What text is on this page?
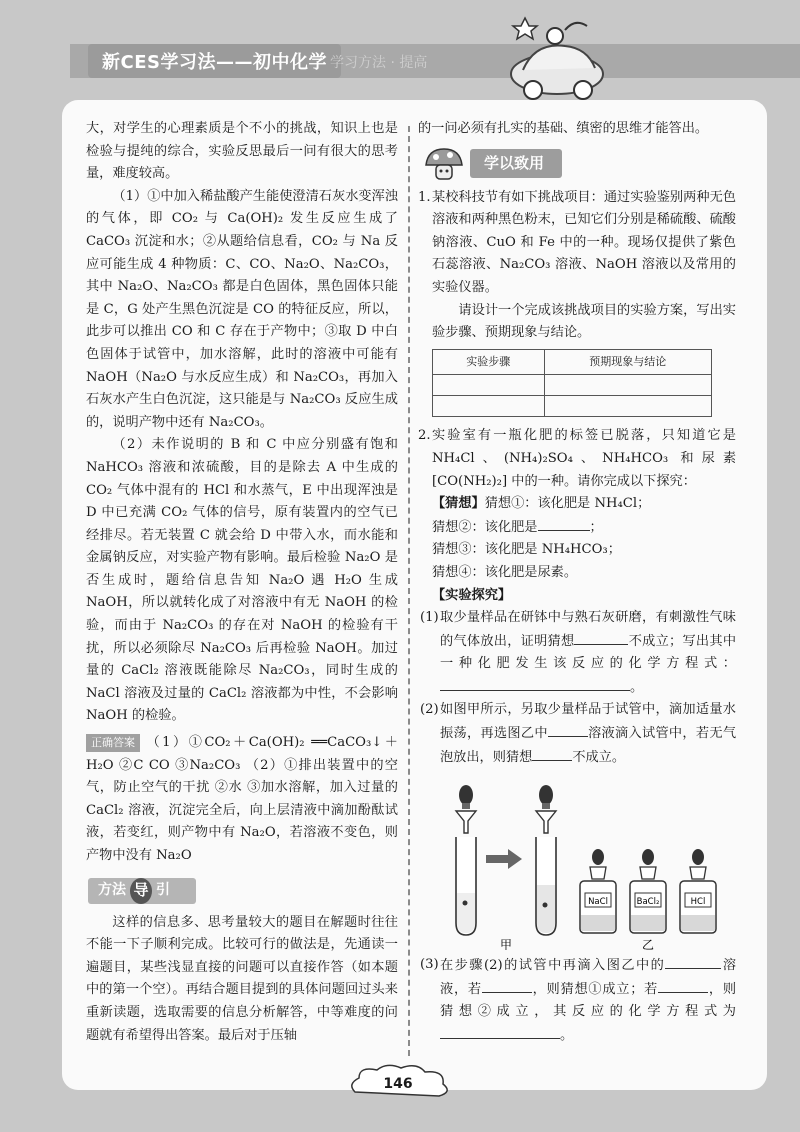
新CES学习法——初中化学 学习方法 · 提高

大，对学生的心理素质是个不小的挑战，知识上也是检验与提纯的综合，实验反思最后一问有很大的思考量，难度较高。

（1）①中加入稀盐酸产生能使澄清石灰水变浑浊的气体，即 CO₂ 与 Ca(OH)₂ 发生反应生成了 CaCO₃ 沉淀和水；②从题给信息看，CO₂ 与 Na 反应可能生成 4 种物质：C、CO、Na₂O、Na₂CO₃，其中 Na₂O、Na₂CO₃ 都是白色固体，黑色固体只能是 C，G 处产生黑色沉淀是 CO 的特征反应，所以，此步可以推出 CO 和 C 存在于产物中；③取 D 中白色固体于试管中，加水溶解，此时的溶液中可能有 NaOH（Na₂O 与水反应生成）和 Na₂CO₃，再加入石灰水产生白色沉淀，这只能是与 Na₂CO₃ 反应生成的，说明产物中还有 Na₂CO₃。

（2）未作说明的 B 和 C 中应分别盛有饱和 NaHCO₃ 溶液和浓硫酸，目的是除去 A 中生成的 CO₂ 气体中混有的 HCl 和水蒸气，E 中出现浑浊是 D 中已充满 CO₂ 气体的信号，原有装置内的空气已经排尽。若无装置 C 就会给 D 中带入水，而水能和金属钠反应，对实验产物有影响。最后检验 Na₂O 是否生成时，题给信息告知 Na₂O 遇 H₂O 生成 NaOH，所以就转化成了对溶液中有无 NaOH 的检验，而由于 Na₂CO₃ 的存在对 NaOH 的检验有干扰，所以必须除尽 Na₂CO₃ 后再检验 NaOH。加过量的 CaCl₂ 溶液既能除尽 Na₂CO₃，同时生成的 NaCl 溶液及过量的 CaCl₂ 溶液都为中性，不会影响 NaOH 的检验。

正确答案 （1）①CO₂＋Ca(OH)₂ ══CaCO₃↓＋H₂O ②C CO ③Na₂CO₃ （2）①排出装置中的空气，防止空气的干扰 ②水 ③加水溶解，加入过量的 CaCl₂ 溶液，沉淀完全后，向上层清液中滴加酚酞试液，若变红，则产物中有 Na₂O，若溶液不变色，则产物中没有 Na₂O

方法 导 引

这样的信息多、思考量较大的题目在解题时往往不能一下子顺利完成。比较可行的做法是，先通读一遍题目，某些浅显直接的问题可以直接作答（如本题中的第一个空）。再结合题目提到的具体问题回过头来重新读题，选取需要的信息分析解答，中等难度的问题就有希望得出答案。最后对于压轴

的一问必须有扎实的基础、缜密的思维才能答出。

学以致用
1. 某校科技节有如下挑战项目：通过实验鉴别两种无色溶液和两种黑色粉末，已知它们分别是稀硫酸、硫酸钠溶液、CuO 和 Fe 中的一种。现场仅提供了紫色石蕊溶液、Na₂CO₃ 溶液、NaOH 溶液以及常用的实验仪器。

请设计一个完成该挑战项目的实验方案，写出实验步骤、预期现象与结论。

实验步骤	预期现象与结论

2. 实验室有一瓶化肥的标签已脱落，只知道它是 NH₄Cl、(NH₄)₂SO₄、NH₄HCO₃ 和尿素 [CO(NH₂)₂] 中的一种。请你完成以下探究：

【猜想】猜想①：该化肥是 NH₄Cl；

猜想②：该化肥是	；

猜想③：该化肥是 NH₄HCO₃；

猜想④：该化肥是尿素。

【实验探究】

(1) 取少量样品在研钵中与熟石灰研磨，有刺激性气味的气体放出，证明猜想	不成立；写出其中一种化肥发生该反应的化学方程式：。

(2) 如图甲所示，另取少量样品于试管中，滴加适量水振荡，再选图乙中	溶液滴入试管中，若无气泡放出，则猜想	不成立。

NaCl	BaCl₂	HCl
甲	乙
(3) 在步骤(2)的试管中再滴入图乙中的	溶液，若	，则猜想①成立；若	，则猜想②成立，其反应的化学方程式为。

146
